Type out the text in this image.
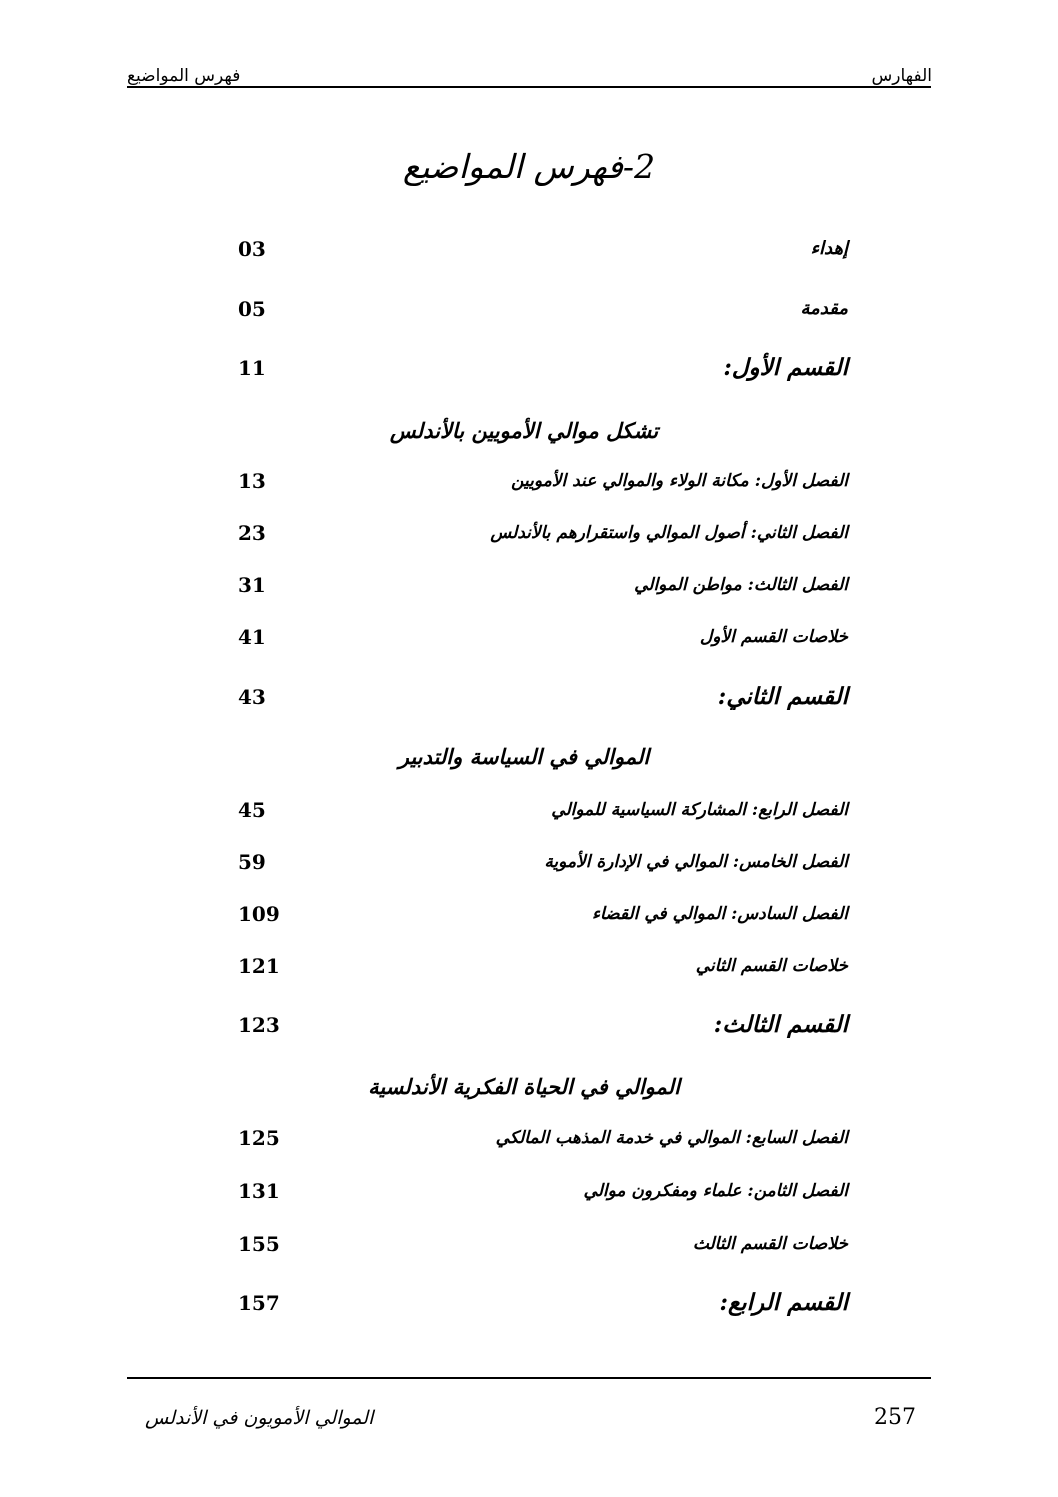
الفهارس
فهرس المواضيع
2-فهرس المواضيع
إهداء
03
مقدمة
05
القسم الأول:
11
تشكل موالي الأمويين بالأندلس
الفصل الأول: مكانة الولاء والموالي عند الأمويين
13
الفصل الثاني: أصول الموالي واستقرارهم بالأندلس
23
الفصل الثالث: مواطن الموالي
31
خلاصات القسم الأول
41
القسم الثاني:
43
الموالي في السياسة والتدبير
الفصل الرابع: المشاركة السياسية للموالي
45
الفصل الخامس: الموالي في الإدارة الأموية
59
الفصل السادس: الموالي في القضاء
109
خلاصات القسم الثاني
121
القسم الثالث:
123
الموالي في الحياة الفكرية الأندلسية
الفصل السابع: الموالي في خدمة المذهب المالكي
125
الفصل الثامن: علماء ومفكرون موالي
131
خلاصات القسم الثالث
155
القسم الرابع:
157
257
الموالي الأمويون في الأندلس
